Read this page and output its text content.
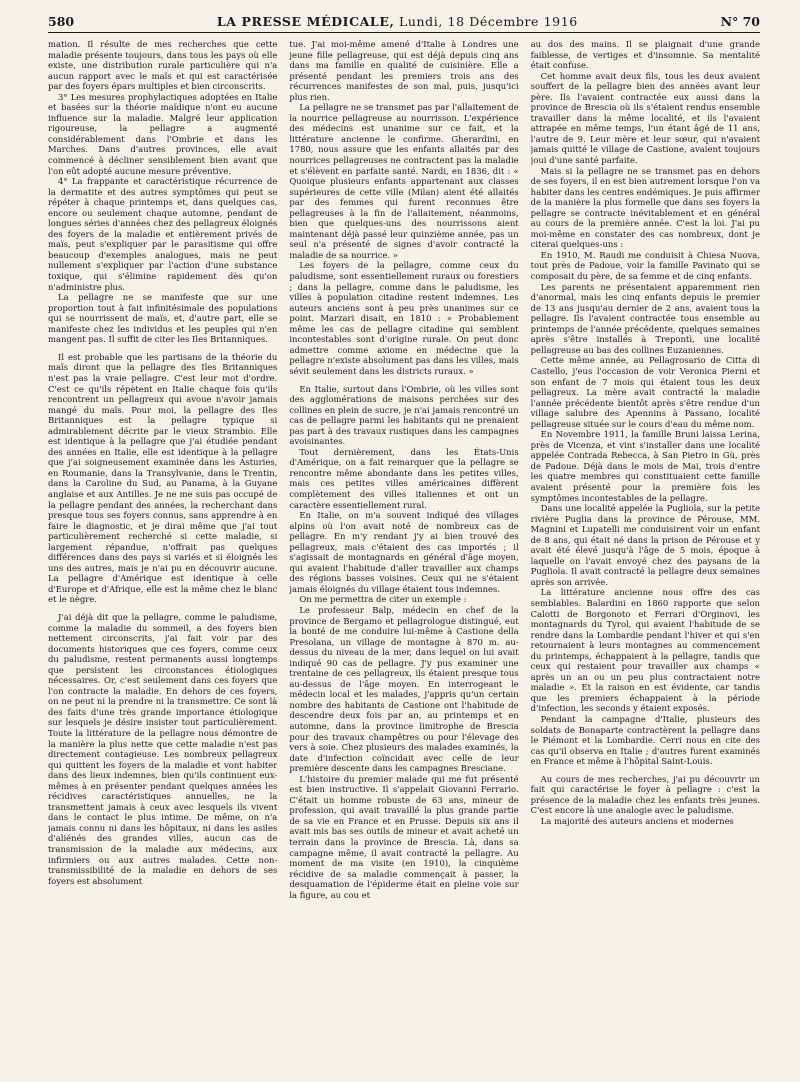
580	LA PRESSE MÉDICALE, Lundi, 18 Décembre 1916	N° 70

mation. Il résulte de mes recherches que cette maladie présente toujours, dans tous les pays où elle existe, une distribution rurale particulière qui n'a aucun rapport avec le maïs et qui est caractérisée par des foyers épars multiples et bien circonscrits.

3° Les mesures prophylactiques adoptées en Italie et basées sur la théorie maïdique n'ont eu aucune influence sur la maladie. Malgré leur application rigoureuse, la pellagre a augmenté considérablement dans l'Ombrie et dans les Marches. Dans d'autres provinces, elle avait commencé à décliner sensiblement bien avant que l'on eût adopté aucune mesure préventive.

4° La frappante et caractéristique récurrence de la dermatite et des autres symptômes qui peut se répéter à chaque printemps et, dans quelques cas, encore ou seulement chaque automne, pendant de longues séries d'années chez des pellagreux éloignés des foyers de la maladie et entièrement privés de maïs, peut s'expliquer par le parasitisme qui offre beaucoup d'exemples analogues, mais ne peut nullement s'expliquer par l'action d'une substance toxique, qui s'élimine rapidement dès qu'on n'administre plus.

La pellagre ne se manifeste que sur une proportion tout à fait infinitésimale des populations qui se nourrissent de maïs, et, d'autre part, elle se manifeste chez les individus et les peuples qui n'en mangent pas. Il suffit de citer les Iles Britanniques.

Il est probable que les partisans de la théorie du maïs diront que la pellagre des Iles Britanniques n'est pas la vraie pellagre. C'est leur mot d'ordre. C'est ce qu'ils répètent en Italie chaque fois qu'ils rencontrent un pellagreux qui avoue n'avoir jamais mangé du maïs. Pour moi, la pellagre des Iles Britanniques est la pellagre typique si admirablement décrite par le vieux Strambio. Elle est identique à la pellagre que j'ai étudiée pendant des années en Italie, elle est identique à la pellagre que j'ai soigneusement examinée dans les Asturies, en Roumanie, dans la Transylvanie, dans le Trentin, dans la Caroline du Sud, au Panama, à la Guyane anglaise et aux Antilles. Je ne me suis pas occupé de la pellagre pendant des années, la recherchant dans presque tous ses foyers connus, sans apprendre à en faire le diagnostic, et je dirai même que j'ai tout particulièrement recherché si cette maladie, si largement répandue, n'offrait pas quelques différences dans des pays si variés et si éloignés les uns des autres, mais je n'ai pu en découvrir aucune. La pellagre d'Amérique est identique à celle d'Europe et d'Afrique, elle est la même chez le blanc et le nègre.

J'ai déjà dit que la pellagre, comme le paludisme, comme la maladie du sommeil, a des foyers bien nettement circonscrits, j'ai fait voir par des documents historiques que ces foyers, comme ceux du paludisme, restent permanents aussi longtemps que persistent les circonstances étiologiques nécessaires. Or, c'est seulement dans ces foyers que l'on contracte la maladie. En dehors de ces foyers, on ne peut ni la prendre ni la transmettre. Ce sont là des faits d'une très grande importance étiologique sur lesquels je désire insister tout particulièrement. Toute la littérature de la pellagre nous démontre de la manière la plus nette que cette maladie n'est pas directement contagieuse. Les nombreux pellagreux qui quittent les foyers de la maladie et vont habiter dans des lieux indemnes, bien qu'ils continuent eux-mêmes à en présenter pendant quelques années les récidives caractéristiques annuelles, ne la transmettent jamais à ceux avec lesquels ils vivent dans le contact le plus intime. De même, on n'a jamais connu ni dans les hôpitaux, ni dans les asiles d'aliénés des grandes villes, aucun cas de transmission de la maladie aux médecins, aux infirmiers ou aux autres malades. Cette non-transmissibilité de la maladie en dehors de ses foyers est absolument

tue. J'ai moi-même amené d'Italie à Londres une jeune fille pellagreuse, qui est déjà depuis cinq ans dans ma famille en qualité de cuisinière. Elle a présenté pendant les premiers trois ans des récurrences manifestes de son mal, puis, jusqu'ici plus rien.

La pellagre ne se transmet pas par l'allaitement de la nourrice pellagreuse au nourrisson. L'expérience des médecins est unanime sur ce fait, et la littérature ancienne le confirme. Gherardini, en 1780, nous assure que les enfants allaités par des nourrices pellagreuses ne contractent pas la maladie et s'élèvent en parfaite santé. Nardi, en 1836, dit : « Quoique plusieurs enfants appartenant aux classes supérieures de cette ville (Milan) aient été allaités par des femmes qui furent reconnues être pellagreuses à la fin de l'allaitement, néanmoins, bien que quelques-uns des nourrissons aient maintenant déjà passé leur quinzième année, pas un seul n'a présenté de signes d'avoir contracté la maladie de sa nourrice. »

Les foyers de la pellagre, comme ceux du paludisme, sont essentiellement ruraux ou forestiers ; dans la pellagre, comme dans le paludisme, les villes à population citadine restent indemnes. Les auteurs anciens sont à peu près unanimes sur ce point. Marzari disait, en 1810 : « Probablement même les cas de pellagre citadine qui semblent incontestables sont d'origine rurale. On peut donc admettre comme axiome en médecine que la pellagre n'existe absolument pas dans les villes, mais sévit seulement dans les districts ruraux. »

En Italie, surtout dans l'Ombrie, où les villes sont des agglomérations de maisons perchées sur des collines en plein de sucre, je n'ai jamais rencontré un cas de pellagre parmi les habitants qui ne prenaient pas part à des travaux rustiques dans les campagnes avoisinantes.

Tout dernièrement, dans les États-Unis d'Amérique, on a fait remarquer que la pellagre se rencontre même abondante dans les petites villes, mais ces petites villes américaines diffèrent complètement des villes italiennes et ont un caractère essentiellement rural.

En Italie, on m'a souvent indiqué des villages alpins où l'on avait noté de nombreux cas de pellagre. En m'y rendant j'y ai bien trouvé des pellagreux, mais c'étaient des cas importés ; il s'agissait de montagnards en général d'âge moyen, qui avaient l'habitude d'aller travailler aux champs des régions basses voisines. Ceux qui ne s'étaient jamais éloignés du village étaient tous indemnes.

On me permettra de citer un exemple :

Le professeur Balp, médecin en chef de la province de Bergamo et pellagrologue distingué, eut la bonté de me conduire lui-même à Castione della Presolana, un village de montagne à 870 m. au-dessus du niveau de la mer, dans lequel on lui avait indiqué 90 cas de pellagre. J'y pus examiner une trentaine de ces pellagreux, ils étaient presque tous au-dessus de l'âge moyen. En interrogeant le médecin local et les malades, j'appris qu'un certain nombre des habitants de Castione ont l'habitude de descendre deux fois par an, au printemps et en automne, dans la province limitrophe de Brescia pour des travaux champêtres ou pour l'élevage des vers à soie. Chez plusieurs des malades examinés, la date d'infection coïncidait avec celle de leur première descente dans les campagnes Bresciane.

L'histoire du premier malade qui me fut présenté est bien instructive. Il s'appelait Giovanni Ferrario. C'était un homme robuste de 63 ans, mineur de profession, qui avait travaillé la plus grande partie de sa vie en France et en Prusse. Depuis six ans il avait mis bas ses outils de mineur et avait acheté un terrain dans la province de Brescia. Là, dans sa campagne même, il avait contracté la pellagre. Au moment de ma visite (en 1910), la cinquième récidive de sa maladie commençait à passer, la desquamation de l'épiderme était en pleine voie sur la figure, au cou et

au dos des mains. Il se plaignait d'une grande faiblesse, de vertiges et d'insomnie. Sa mentalité était confuse.

Cet homme avait deux fils, tous les deux avaient souffert de la pellagre bien des années avant leur père. Ils l'avaient contractée eux aussi dans la province de Brescia où ils s'étaient rendus ensemble travailler dans la même localité, et ils l'avaient attrapée en même temps, l'un étant âgé de 11 ans, l'autre de 9. Leur mère et leur sœur, qui n'avaient jamais quitté le village de Castione, avaient toujours joui d'une santé parfaite.

Mais si la pellagre ne se transmet pas en dehors de ses foyers, il en est bien autrement lorsque l'on va habiter dans les centres endémiques. Je puis affirmer de la manière la plus formelle que dans ses foyers la pellagre se contracte inévitablement et en général au cours de la première année. C'est la loi. J'ai pu moi-même en constater des cas nombreux, dont je citerai quelques-uns :

En 1910, M. Raudi me conduisit à Chiesa Nuova, tout près de Padoue, voir la famille Pavinato qui se composait du père, de sa femme et de cinq enfants.

Les parents ne présentaient apparemment rien d'anormal, mais les cinq enfants depuis le premier de 13 ans jusqu'au dernier de 2 ans, avaient tous la pellagre. Ils l'avaient contractée tous ensemble au printemps de l'année précédente, quelques semaines après s'être installés à Trepontì, une localité pellagreuse au bas des collines Euzaniennes.

Cette même année, au Pellagrosario de Citta di Castello, j'eus l'occasion de voir Veronica Pierni et son enfant de 7 mois qui étaient tous les deux pellagreux. La mère avait contracté la maladie l'année précédente bientôt après s'être rendue d'un village salubre des Apennins à Passano, localité pellagreuse située sur le cours d'eau du même nom.

En Novembre 1911, la famille Bruni laissa Lerina, près de Vicenza, et vint s'installer dans une localité appelée Contrada Rebecca, à San Pietro in Gù, près de Padoue. Déjà dans le mois de Mai, trois d'entre les quatre membres qui constituaient cette famille avaient présenté pour la première fois les symptômes incontestables de la pellagre.

Dans une localité appelée la Pugliola, sur la petite rivière Puglia dans la province de Pérouse, MM. Magnini et Lupatelli me conduisirent voir un enfant de 8 ans, qui était né dans la prison de Pérouse et y avait été élevé jusqu'à l'âge de 5 mois, époque à laquelle on l'avait envoyé chez des paysans de la Pugliola. Il avait contracté la pellagre deux semaines après son arrivée.

La littérature ancienne nous offre des cas semblables. Balardini en 1860 rapporte que selon Calotti de Borgonoto et Ferrari d'Orginovi, les montagnards du Tyrol, qui avaient l'habitude de se rendre dans la Lombardie pendant l'hiver et qui s'en retournaient à leurs montagnes au commencement du printemps, échappaient à la pellagre, tandis que ceux qui restaient pour travailler aux champs « après un an ou un peu plus contractaient notre maladie ». Et la raison en est évidente, car tandis que les premiers échappaient à la période d'infection, les seconds y étaient exposés.

Pendant la campagne d'Italie, plusieurs des soldats de Bonaparte contractèrent la pellagre dans le Piémont et la Lombardie. Cerri nous en cite des cas qu'il observa en Italie ; d'autres furent examinés en France et même à l'hôpital Saint-Louis.

Au cours de mes recherches, j'ai pu découvrir un fait qui caractérise le foyer à pellagre : c'est la présence de la maladie chez les enfants très jeunes. C'est encore là une analogie avec le paludisme.

La majorité des auteurs anciens et modernes
